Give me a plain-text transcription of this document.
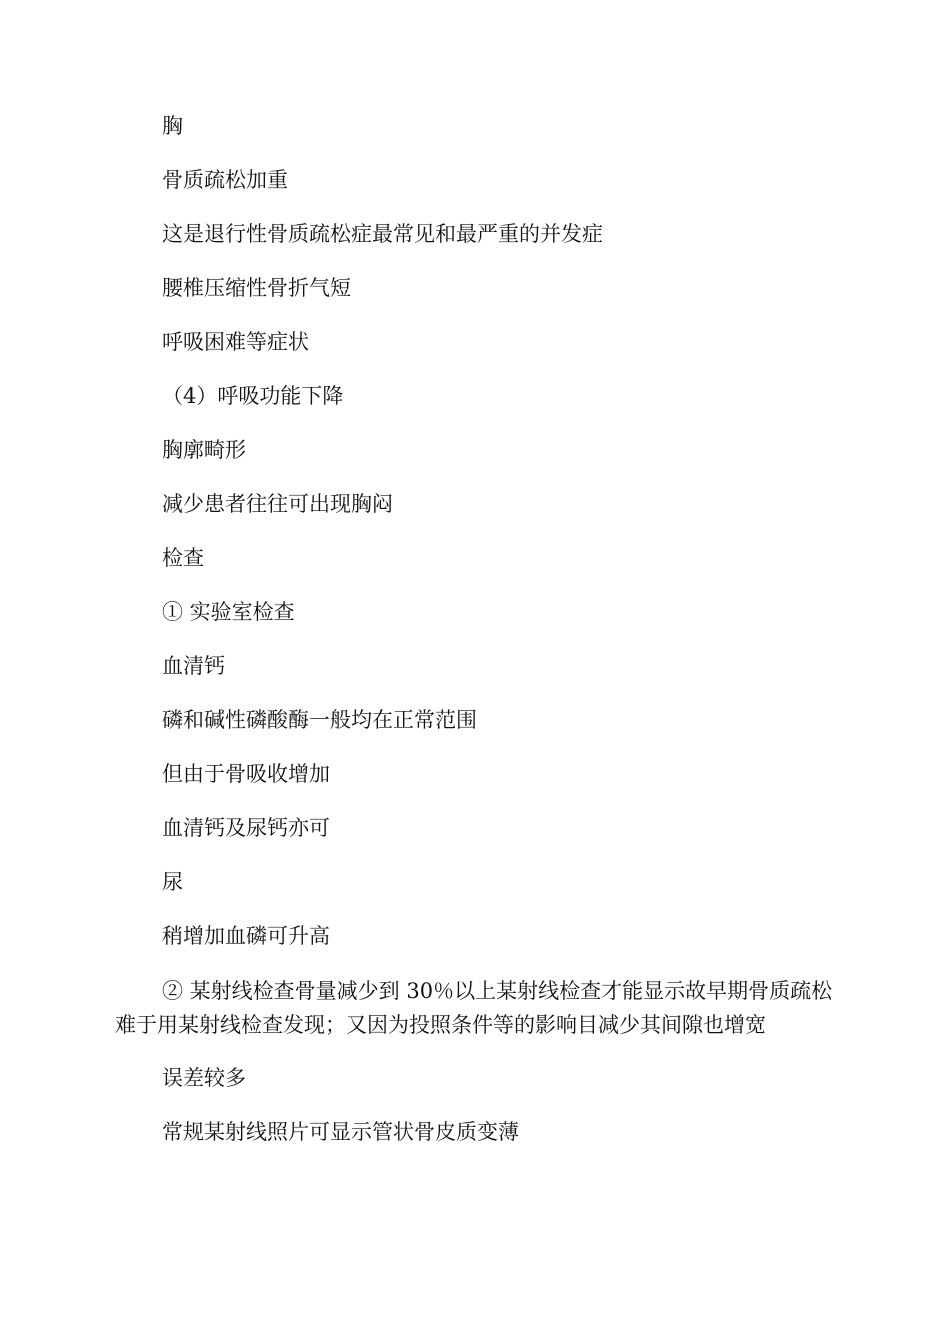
胸

骨质疏松加重

这是退行性骨质疏松症最常见和最严重的并发症

腰椎压缩性骨折气短

呼吸困难等症状

（4）呼吸功能下降

胸廓畸形

减少患者往往可出现胸闷

检查

① 实验室检查

血清钙

磷和碱性磷酸酶一般均在正常范围

但由于骨吸收增加

血清钙及尿钙亦可

尿

稍增加血磷可升高

② 某射线检查骨量减少到 30％以上某射线检查才能显示故早期骨质疏松难于用某射线检查发现；又因为投照条件等的影响目减少其间隙也增宽

误差较多

常规某射线照片可显示管状骨皮质变薄
